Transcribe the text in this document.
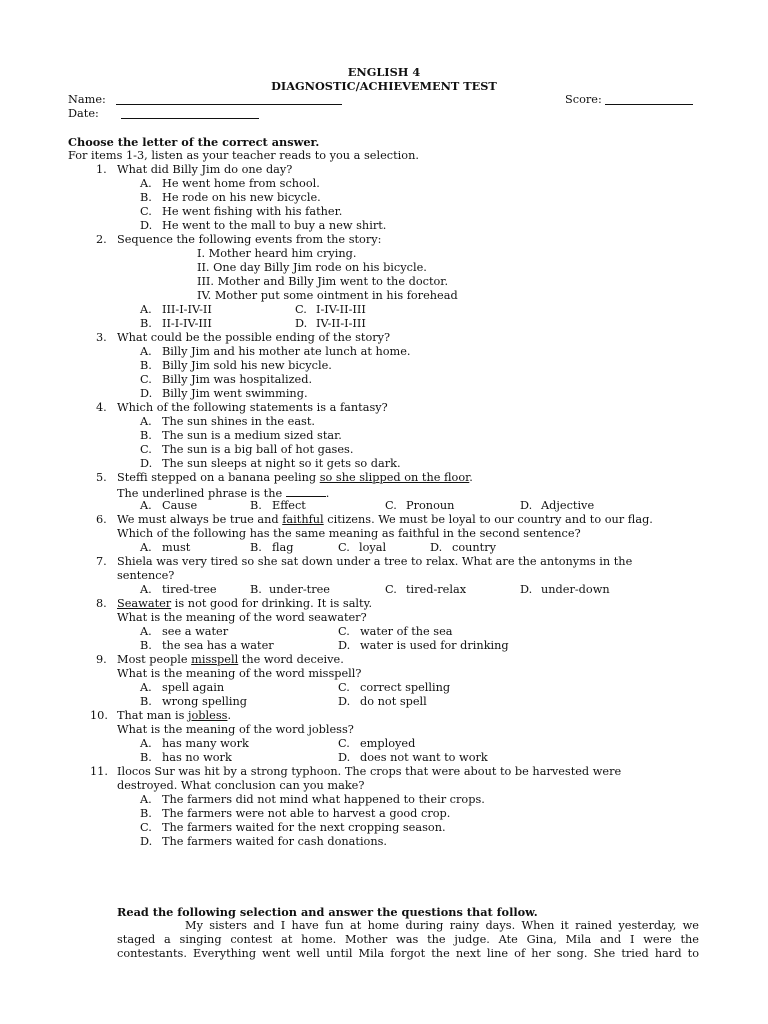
ENGLISH 4
DIAGNOSTIC/ACHIEVEMENT TEST
Name:	Score:
Date:
Choose the letter of the correct answer.
For items 1-3, listen as your teacher reads to you a selection.
1. What did Billy Jim do one day?
A. He went home from school.
B. He rode on his new bicycle.
C. He went fishing with his father.
D. He went to the mall to buy a new shirt.
2. Sequence the following events from the story:
I. Mother heard him crying.
II. One day Billy Jim rode on his bicycle.
III. Mother and Billy Jim went to the doctor.
IV. Mother put some ointment in his forehead
A. III-I-IV-II	C. I-IV-II-III
B. II-I-IV-III	D. IV-II-I-III
3. What could be the possible ending of the story?
A. Billy Jim and his mother ate lunch at home.
B. Billy Jim sold his new bicycle.
C. Billy Jim was hospitalized.
D. Billy Jim went swimming.
4. Which of the following statements is a fantasy?
A. The sun shines in the east.
B. The sun is a medium sized star.
C. The sun is a big ball of hot gases.
D. The sun sleeps at night so it gets so dark.
5. Steffi stepped on a banana peeling so she slipped on the floor.
The underlined phrase is the	.
A. Cause	B. Effect	C. Pronoun	D. Adjective
6. We must always be true and faithful citizens. We must be loyal to our country and to our flag.
Which of the following has the same meaning as faithful in the second sentence?
A. must	B. flag	C. loyal	D. country
7. Shiela was very tired so she sat down under a tree to relax. What are the antonyms in the
sentence?
A. tired-tree	B. under-tree	C. tired-relax	D. under-down
8. Seawater is not good for drinking. It is salty.
What is the meaning of the word seawater?
A. see a water	C. water of the sea
B. the sea has a water	D. water is used for drinking
9. Most people misspell the word deceive.
What is the meaning of the word misspell?
A. spell again	C. correct spelling
B. wrong spelling	D. do not spell
10. That man is jobless.
What is the meaning of the word jobless?
A. has many work	C. employed
B. has no work	D. does not want to work
11. Ilocos Sur was hit by a strong typhoon. The crops that were about to be harvested were
destroyed. What conclusion can you make?
A. The farmers did not mind what happened to their crops.
B. The farmers were not able to harvest a good crop.
C. The farmers waited for the next cropping season.
D. The farmers waited for cash donations.
Read the following selection and answer the questions that follow.
My sisters and I have fun at home during rainy days. When it rained yesterday, we
staged a singing contest at home. Mother was the judge. Ate Gina, Mila and I were the
contestants. Everything went well until Mila forgot the next line of her song. She tried hard to
